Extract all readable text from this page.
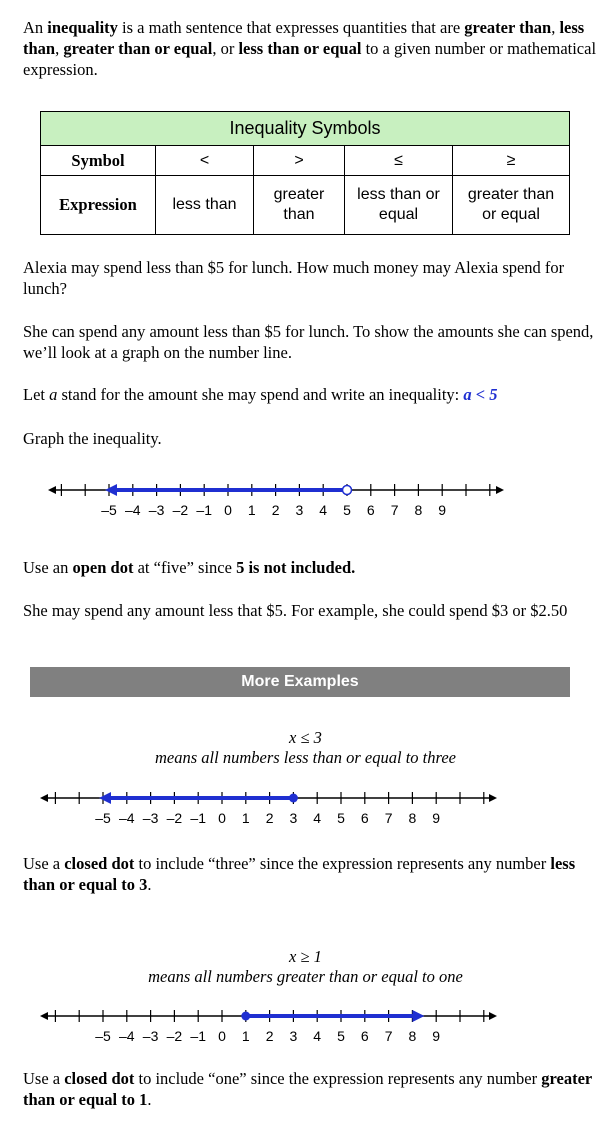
An inequality is a math sentence that expresses quantities that are greater than, less than, greater than or equal, or less than or equal to a given number or mathematical expression.

Inequality Symbols				
Symbol	<	>	≤	≥
Expression	less than	greater than	less than or equal	greater than or equal

Alexia may spend less than $5 for lunch. How much money may Alexia spend for lunch?

She can spend any amount less than $5 for lunch. To show the amounts she can spend, we’ll look at a graph on the number line.

Let a stand for the amount she may spend and write an inequality: a < 5

Graph the inequality.

–5 –4 –3 –2 –1 0 1 2 3 4 5 6 7 8 9

Use an open dot at “five” since 5 is not included.

She may spend any amount less that $5. For example, she could spend $3 or $2.50

More Examples

x ≤ 3

means all numbers less than or equal to three

–5 –4 –3 –2 –1 0 1 2 3 4 5 6 7 8 9

Use a closed dot to include “three” since the expression represents any number less than or equal to 3.

x ≥ 1

means all numbers greater than or equal to one

–5 –4 –3 –2 –1 0 1 2 3 4 5 6 7 8 9

Use a closed dot to include “one” since the expression represents any number greater than or equal to 1.
